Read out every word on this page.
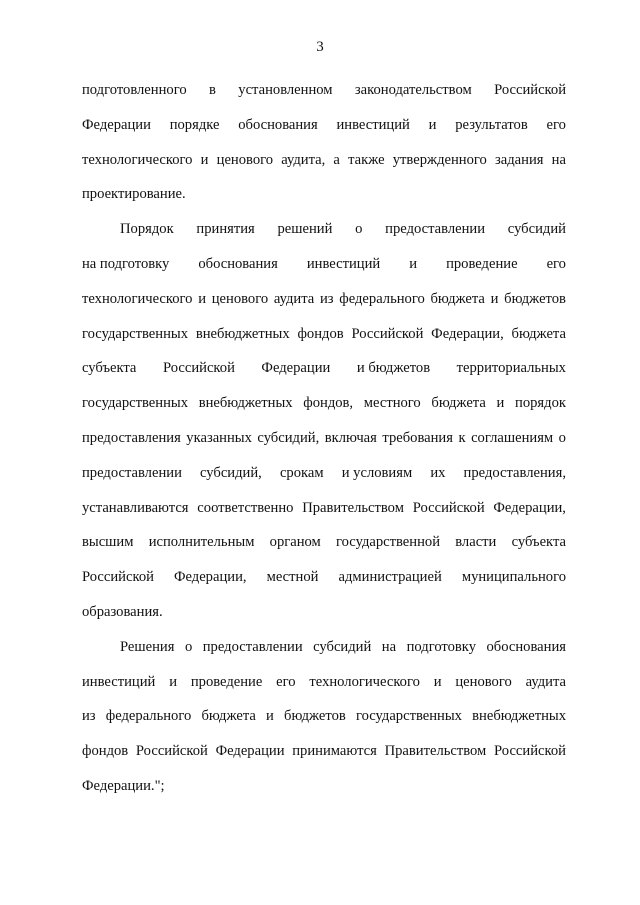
3
подготовленного в установленном законодательством Российской
Федерации порядке обоснования инвестиций и результатов его
технологического и ценового аудита, а также утвержденного задания на
проектирование.
Порядок принятия решений о предоставлении субсидий
на подготовку обоснования инвестиций и проведение его
технологического и ценового аудита из федерального бюджета и бюджетов
государственных внебюджетных фондов Российской Федерации, бюджета
субъекта Российской Федерации и бюджетов территориальных
государственных внебюджетных фондов, местного бюджета и порядок
предоставления указанных субсидий, включая требования к соглашениям о
предоставлении субсидий, срокам и условиям их предоставления,
устанавливаются соответственно Правительством Российской Федерации,
высшим исполнительным органом государственной власти субъекта
Российской Федерации, местной администрацией муниципального
образования.
Решения о предоставлении субсидий на подготовку обоснования
инвестиций и проведение его технологического и ценового аудита
из федерального бюджета и бюджетов государственных внебюджетных
фондов Российской Федерации принимаются Правительством Российской
Федерации.";
